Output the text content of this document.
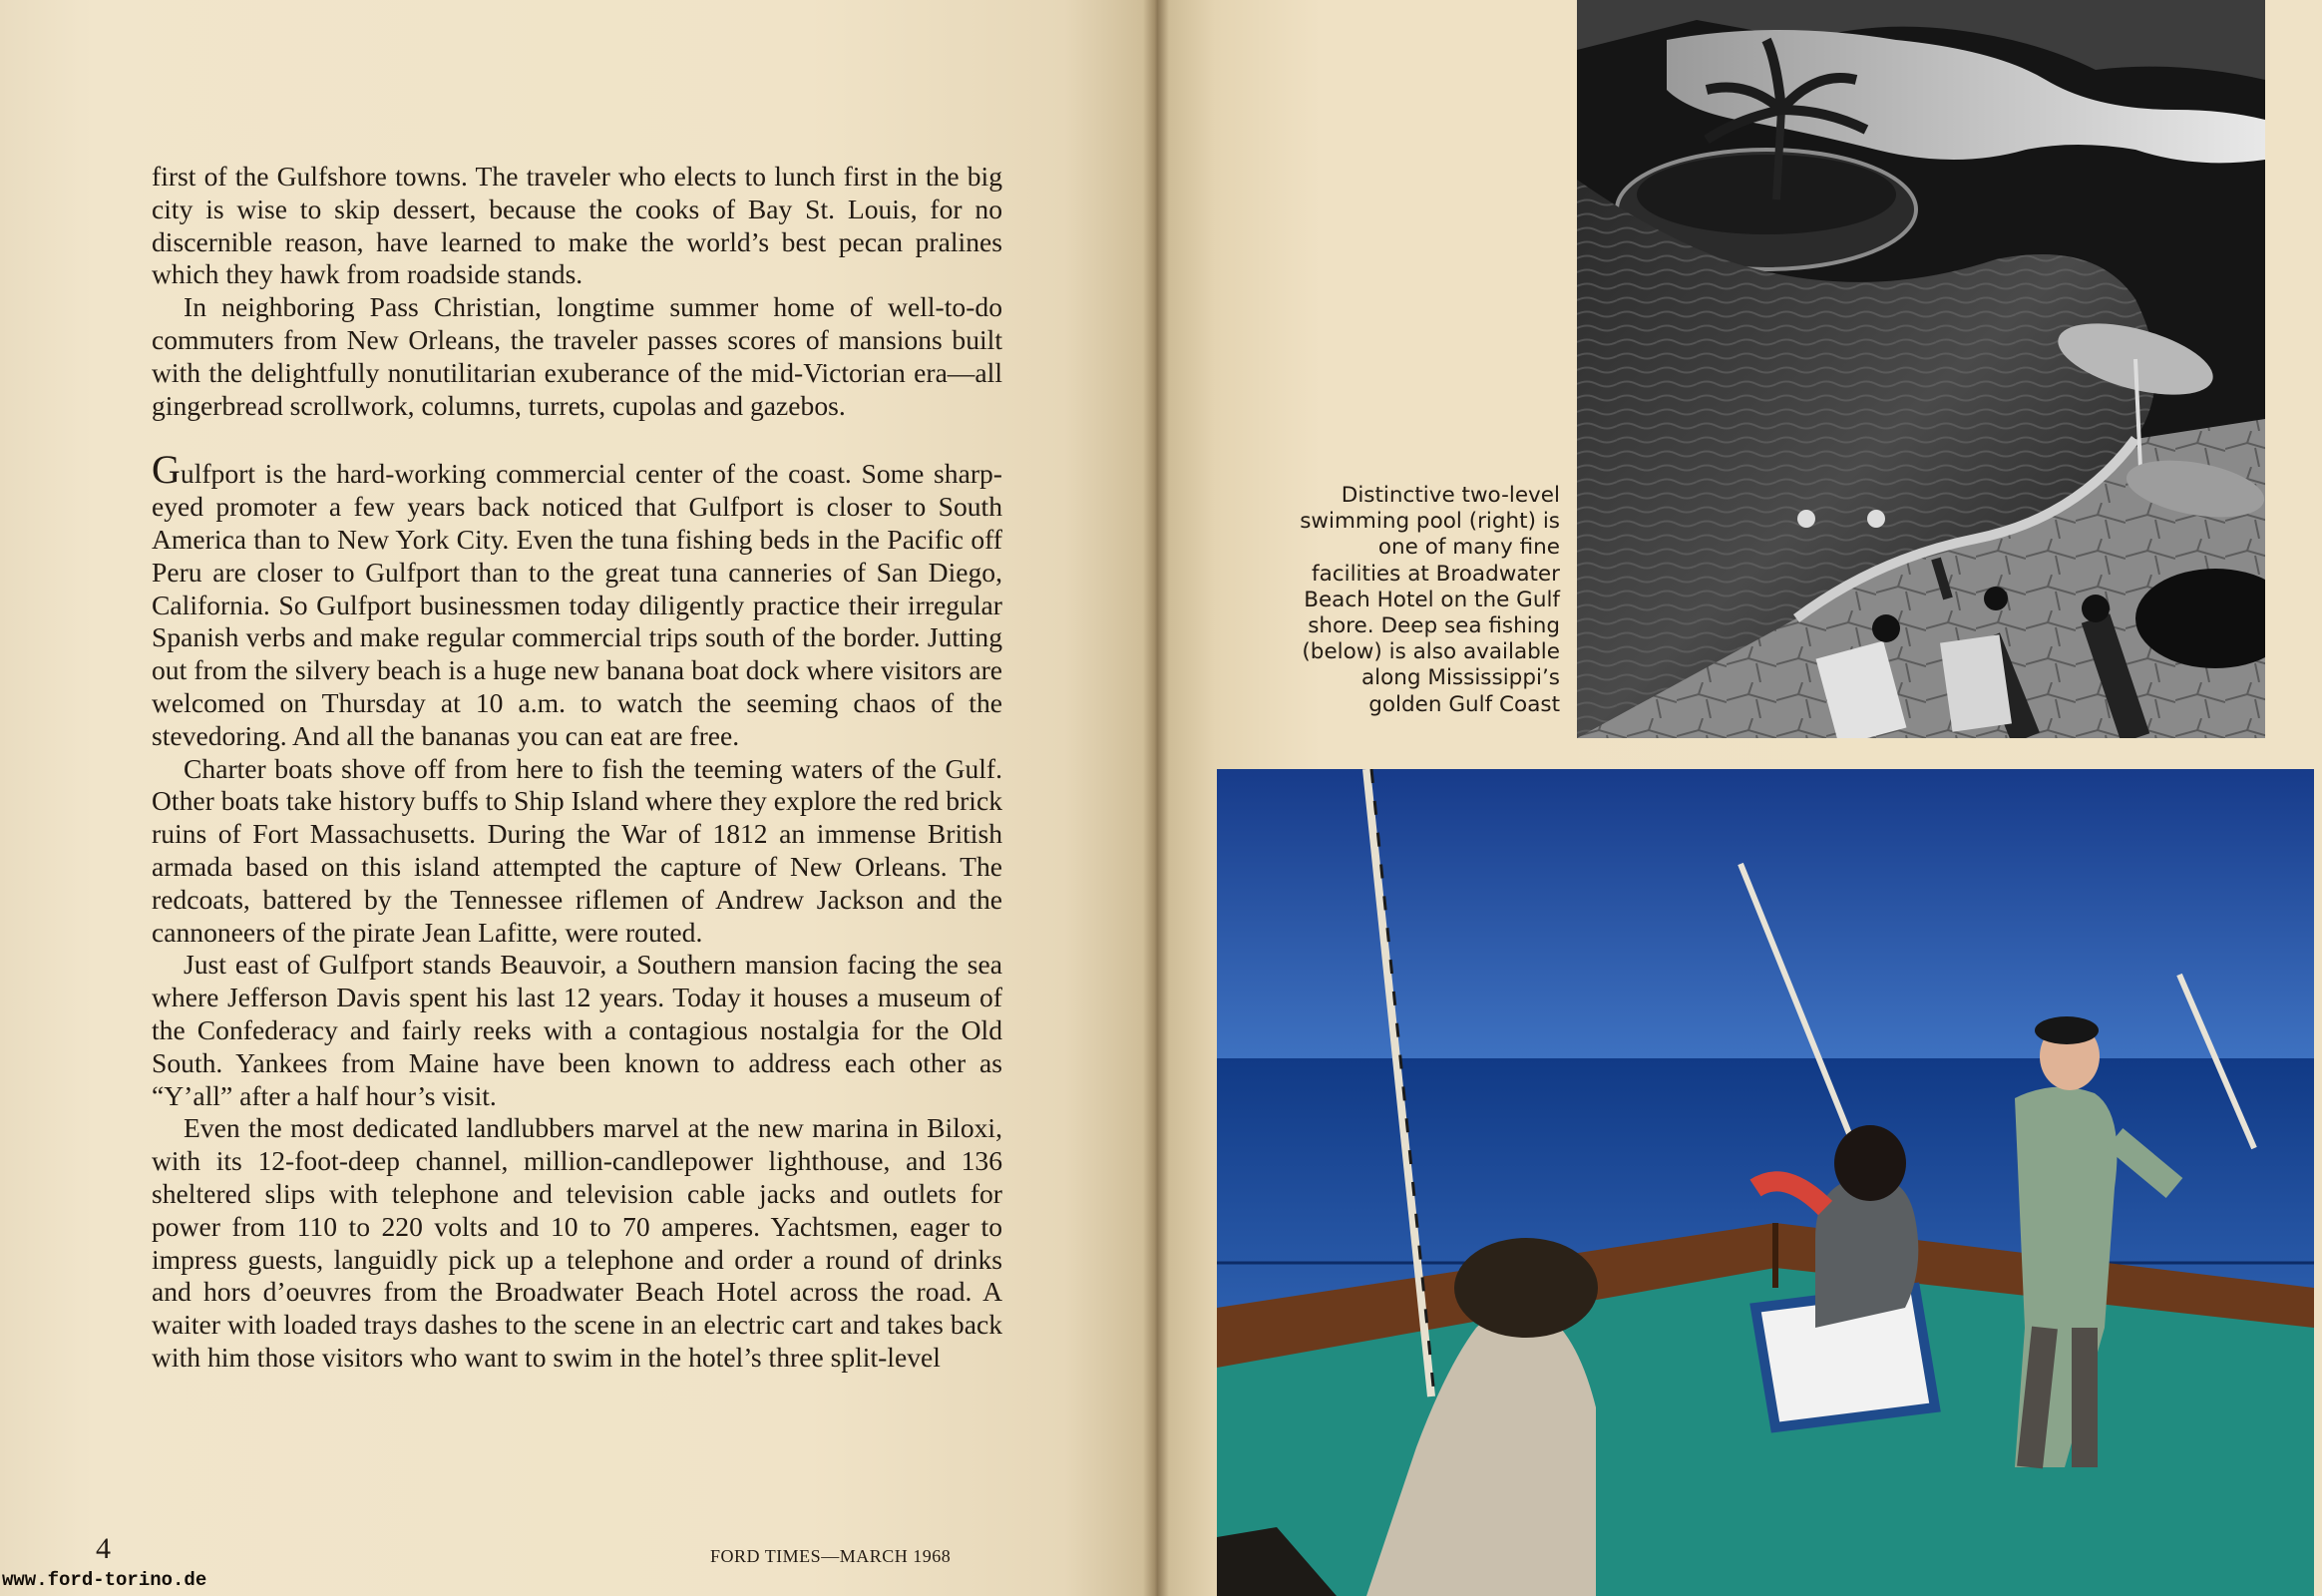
first of the Gulfshore towns. The traveler who elects to lunch first in the big city is wise to skip dessert, because the cooks of Bay St. Louis, for no discernible reason, have learned to make the world’s best pecan pralines which they hawk from roadside stands.

In neighboring Pass Christian, longtime summer home of well-to-do commuters from New Orleans, the traveler passes scores of mansions built with the delightfully nonutilitarian exuberance of the mid-Victorian era—all gingerbread scrollwork, columns, turrets, cupolas and gazebos.

Gulfport is the hard-working commercial center of the coast. Some sharp-eyed promoter a few years back noticed that Gulfport is closer to South America than to New York City. Even the tuna fishing beds in the Pacific off Peru are closer to Gulfport than to the great tuna canneries of San Diego, California. So Gulfport businessmen today diligently practice their irregular Spanish verbs and make regular commercial trips south of the border. Jutting out from the silvery beach is a huge new banana boat dock where visitors are welcomed on Thursday at 10 a.m. to watch the seeming chaos of the stevedoring. And all the bananas you can eat are free.

Charter boats shove off from here to fish the teeming waters of the Gulf. Other boats take history buffs to Ship Island where they explore the red brick ruins of Fort Massachusetts. During the War of 1812 an immense British armada based on this island attempted the capture of New Orleans. The redcoats, battered by the Tennessee riflemen of Andrew Jackson and the cannoneers of the pirate Jean Lafitte, were routed.

Just east of Gulfport stands Beauvoir, a Southern mansion facing the sea where Jefferson Davis spent his last 12 years. Today it houses a museum of the Confederacy and fairly reeks with a contagious nostalgia for the Old South. Yankees from Maine have been known to address each other as “Y’all” after a half hour’s visit.

Even the most dedicated landlubbers marvel at the new marina in Biloxi, with its 12-foot-deep channel, million-candlepower lighthouse, and 136 sheltered slips with telephone and television cable jacks and outlets for power from 110 to 220 volts and 10 to 70 amperes. Yachtsmen, eager to impress guests, languidly pick up a telephone and order a round of drinks and hors d’oeuvres from the Broadwater Beach Hotel across the road. A waiter with loaded trays dashes to the scene in an electric cart and takes back with him those visitors who want to swim in the hotel’s three split-level

4	FORD TIMES—MARCH 1968
www.ford-torino.de
Distinctive two-level swimming pool (right) is one of many fine facilities at Broadwater Beach Hotel on the Gulf shore. Deep sea fishing (below) is also available along Mississippi’s golden Gulf Coast
